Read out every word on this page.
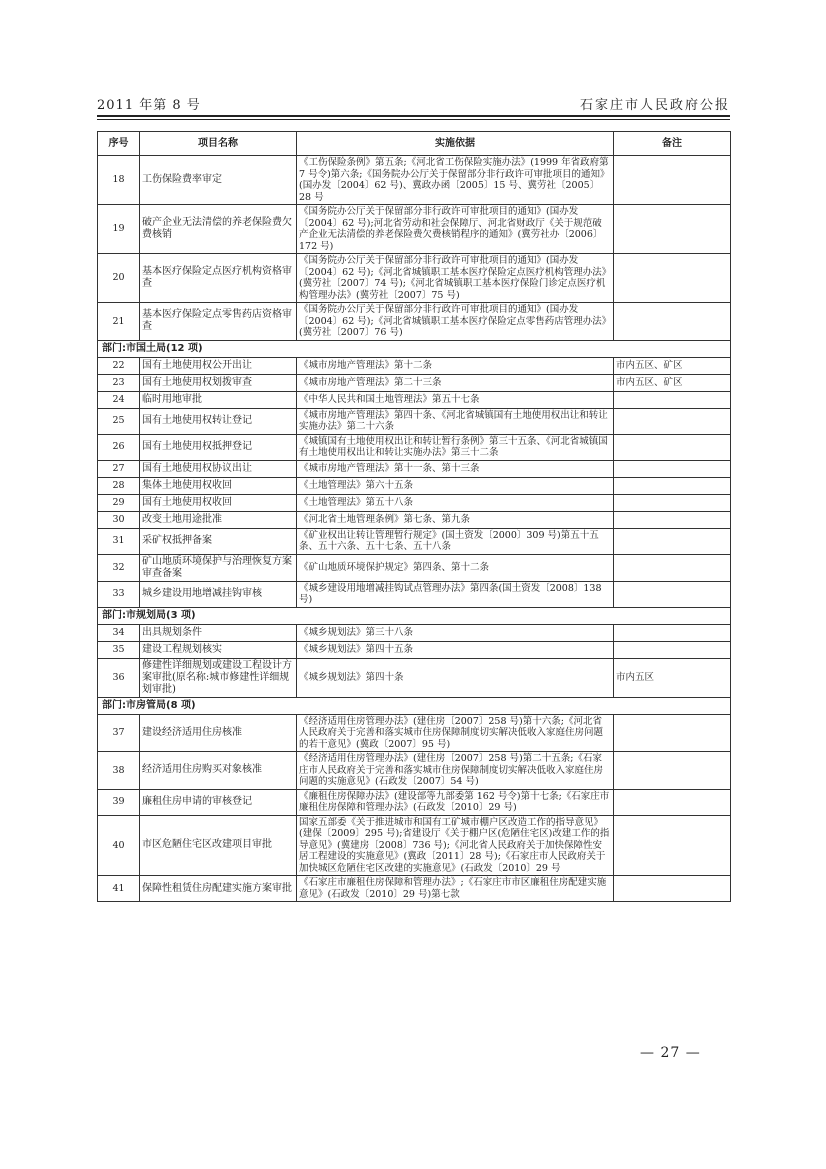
2011 年第 8 号	石家庄市人民政府公报
序号	项目名称	实施依据	备注
18	工伤保险费率审定	《工伤保险条例》第五条;《河北省工伤保险实施办法》(1999 年省政府第 7 号令)第六条;《国务院办公厅关于保留部分非行政许可审批项目的通知》(国办发〔2004〕62 号)、冀政办函〔2005〕15 号、冀劳社〔2005〕28 号	
19	破产企业无法清偿的养老保险费欠费核销	《国务院办公厅关于保留部分非行政许可审批项目的通知》(国办发〔2004〕62 号);河北省劳动和社会保障厅、河北省财政厅《关于规范破产企业无法清偿的养老保险费欠费核销程序的通知》(冀劳社办〔2006〕172 号)	
20	基本医疗保险定点医疗机构资格审查	《国务院办公厅关于保留部分非行政许可审批项目的通知》(国办发〔2004〕62 号);《河北省城镇职工基本医疗保险定点医疗机构管理办法》(冀劳社〔2007〕74 号);《河北省城镇职工基本医疗保险门诊定点医疗机构管理办法》(冀劳社〔2007〕75 号)	
21	基本医疗保险定点零售药店资格审查	《国务院办公厅关于保留部分非行政许可审批项目的通知》(国办发〔2004〕62 号);《河北省城镇职工基本医疗保险定点零售药店管理办法》(冀劳社〔2007〕76 号)	
部门:市国土局(12 项)			
22	国有土地使用权公开出让	《城市房地产管理法》第十二条	市内五区、矿区
23	国有土地使用权划拨审查	《城市房地产管理法》第二十三条	市内五区、矿区
24	临时用地审批	《中华人民共和国土地管理法》第五十七条	
25	国有土地使用权转让登记	《城市房地产管理法》第四十条、《河北省城镇国有土地使用权出让和转让实施办法》第二十六条	
26	国有土地使用权抵押登记	《城镇国有土地使用权出让和转让暂行条例》第三十五条、《河北省城镇国有土地使用权出让和转让实施办法》第三十二条	
27	国有土地使用权协议出让	《城市房地产管理法》第十一条、第十三条	
28	集体土地使用权收回	《土地管理法》第六十五条	
29	国有土地使用权收回	《土地管理法》第五十八条	
30	改变土地用途批准	《河北省土地管理条例》第七条、第九条	
31	采矿权抵押备案	《矿业权出让转让管理暂行规定》(国土资发〔2000〕309 号)第五十五条、五十六条、五十七条、五十八条	
32	矿山地质环境保护与治理恢复方案审查备案	《矿山地质环境保护规定》第四条、第十二条	
33	城乡建设用地增减挂钩审核	《城乡建设用地增减挂钩试点管理办法》第四条(国土资发〔2008〕138 号)	
部门:市规划局(3 项)			
34	出具规划条件	《城乡规划法》第三十八条	
35	建设工程规划核实	《城乡规划法》第四十五条	
36	修建性详细规划或建设工程设计方案审批(原名称:城市修建性详细规划审批)	《城乡规划法》第四十条	市内五区
部门:市房管局(8 项)			
37	建设经济适用住房核准	《经济适用住房管理办法》(建住房〔2007〕258 号)第十六条;《河北省人民政府关于完善和落实城市住房保障制度切实解决低收入家庭住房问题的若干意见》(冀政〔2007〕95 号)	
38	经济适用住房购买对象核准	《经济适用住房管理办法》(建住房〔2007〕258 号)第二十五条;《石家庄市人民政府关于完善和落实城市住房保障制度切实解决低收入家庭住房问题的实施意见》(石政发〔2007〕54 号)	
39	廉租住房申请的审核登记	《廉租住房保障办法》(建设部等九部委第 162 号令)第十七条;《石家庄市廉租住房保障和管理办法》(石政发〔2010〕29 号)	
40	市区危陋住宅区改建项目审批	国家五部委《关于推进城市和国有工矿城市棚户区改造工作的指导意见》(建保〔2009〕295 号);省建设厅《关于棚户区(危陋住宅区)改建工作的指导意见》(冀建房〔2008〕736 号);《河北省人民政府关于加快保障性安居工程建设的实施意见》(冀政〔2011〕28 号);《石家庄市人民政府关于加快城区危陋住宅区改建的实施意见》(石政发〔2010〕29 号	
41	保障性租赁住房配建实施方案审批	《石家庄市廉租住房保障和管理办法》;《石家庄市市区廉租住房配建实施意见》(石政发〔2010〕29 号)第七款	
— 27 —
